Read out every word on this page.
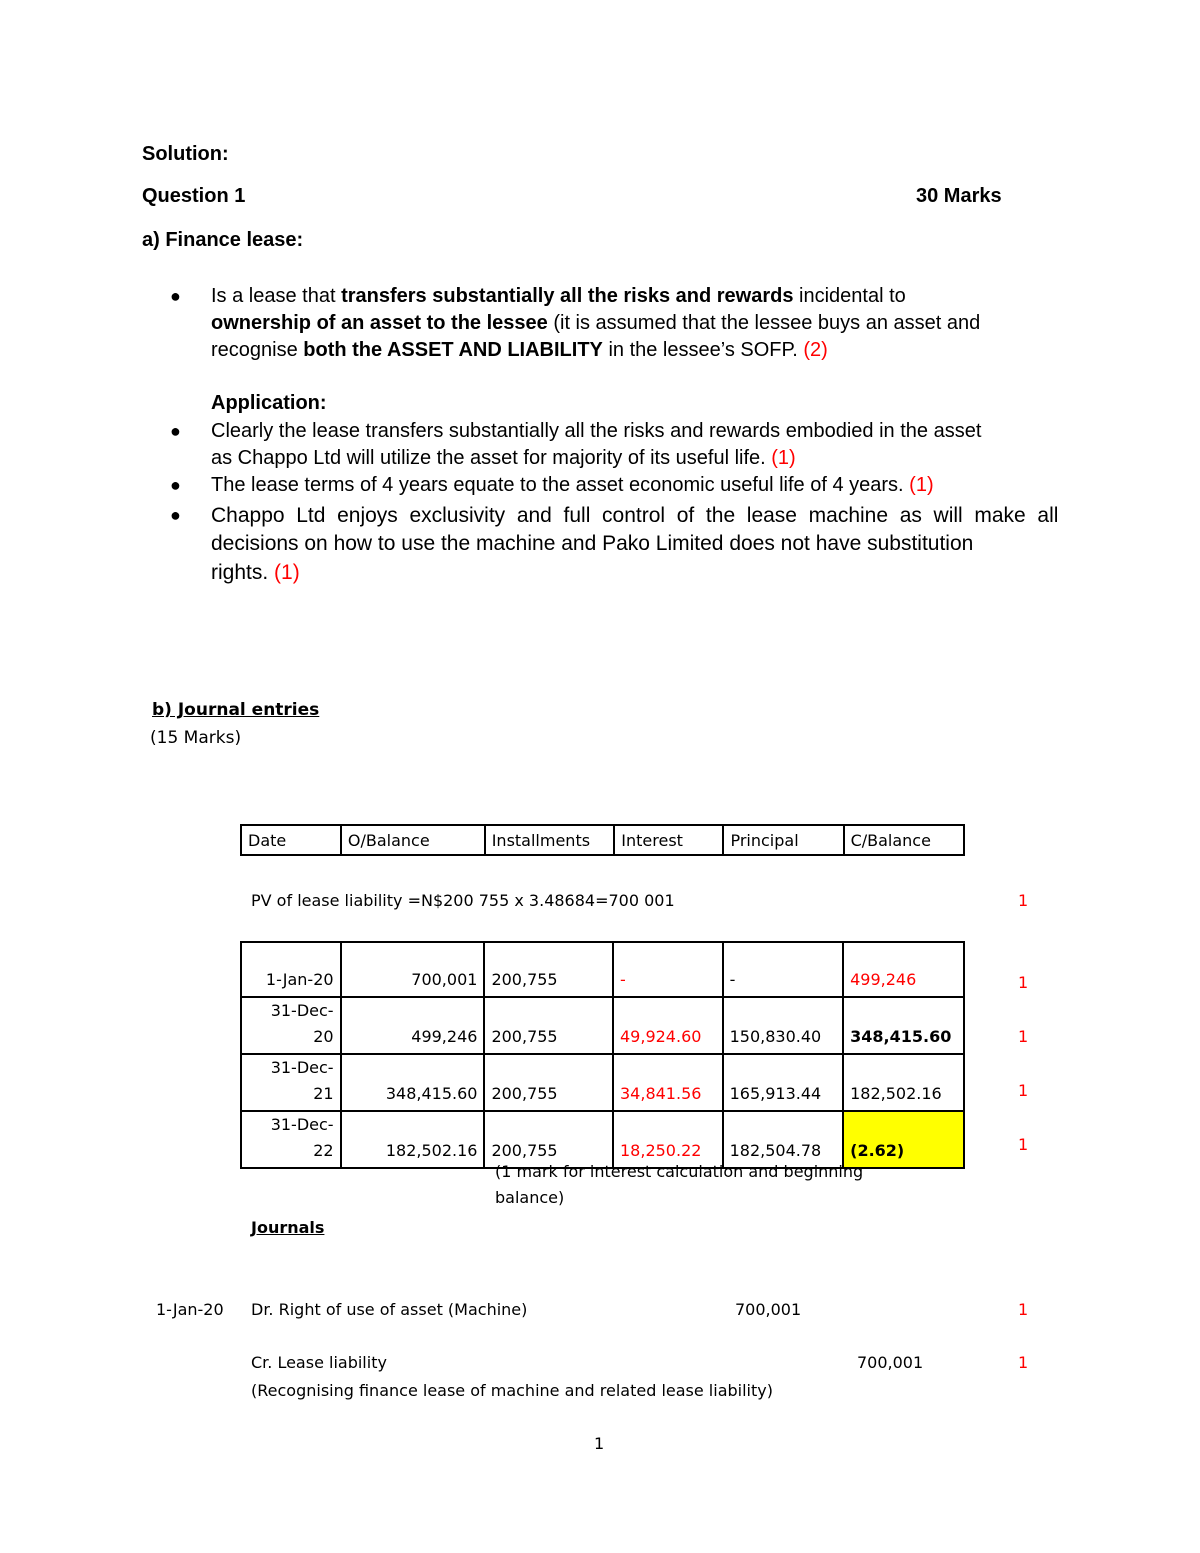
Solution:
Question 1	30 Marks
a) Finance lease:
● Is a lease that transfers substantially all the risks and rewards incidental to
ownership of an asset to the lessee (it is assumed that the lessee buys an asset and
recognise both the ASSET AND LIABILITY in the lessee’s SOFP. (2)
Application:
● Clearly the lease transfers substantially all the risks and rewards embodied in the asset
as Chappo Ltd will utilize the asset for majority of its useful life. (1)
● The lease terms of 4 years equate to the asset economic useful life of 4 years. (1)
● Chappo  Ltd  enjoys  exclusivity  and  full  control  of  the  lease  machine  as  will  make  all
decisions on how to use the machine and Pako Limited does not have substitution
rights. (1)
b) Journal entries
(15 Marks)
Date	O/Balance	Installments	Interest	Principal	C/Balance
PV of lease liability =N$200 755 x 3.48684=700 001	1
1-Jan-20	700,001	200,755	-	-	499,246
31-Dec-
20	499,246	200,755	49,924.60	150,830.40	348,415.60
31-Dec-
21	348,415.60	200,755	34,841.56	165,913.44	182,502.16
31-Dec-
22	182,502.16	200,755	18,250.22	182,504.78	(2.62)
1
1
1
1
(1 mark for interest calculation and beginning
balance)
Journals
1-Jan-20 Dr. Right of use of asset (Machine)	700,001	1
Cr. Lease liability	700,001	1
(Recognising finance lease of machine and related lease liability)
1
